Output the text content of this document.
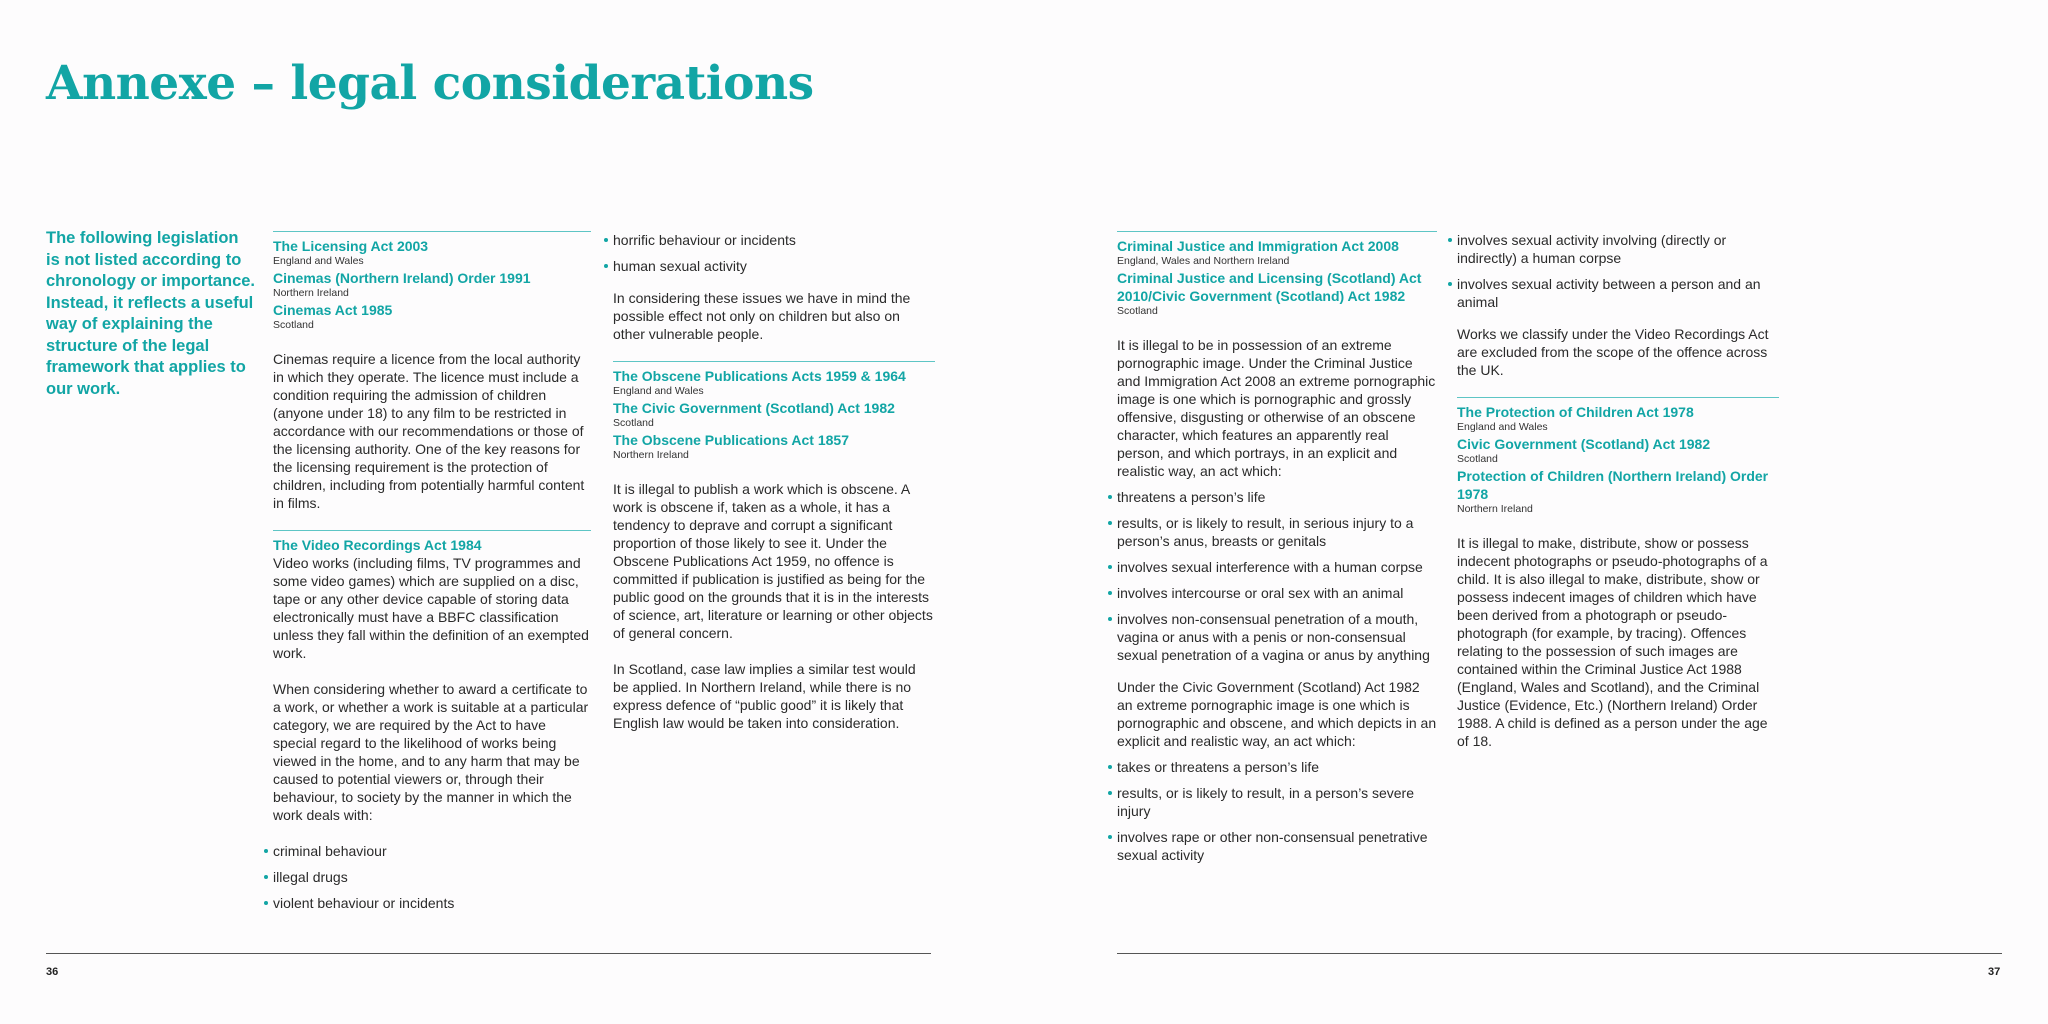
Annexe – legal considerations

The following legislation is not listed according to chronology or importance. Instead, it reflects a useful way of explaining the structure of the legal framework that applies to our work.

The Licensing Act 2003
England and Wales
Cinemas (Northern Ireland) Order 1991
Northern Ireland
Cinemas Act 1985
Scotland

Cinemas require a licence from the local authority in which they operate. The licence must include a condition requiring the admission of children (anyone under 18) to any film to be restricted in accordance with our recommendations or those of the licensing authority. One of the key reasons for the licensing requirement is the protection of children, including from potentially harmful content in films.

The Video Recordings Act 1984

Video works (including films, TV programmes and some video games) which are supplied on a disc, tape or any other device capable of storing data electronically must have a BBFC classification unless they fall within the definition of an exempted work.

When considering whether to award a certificate to a work, or whether a work is suitable at a particular category, we are required by the Act to have special regard to the likelihood of works being viewed in the home, and to any harm that may be caused to potential viewers or, through their behaviour, to society by the manner in which the work deals with:

criminal behaviour
illegal drugs
violent behaviour or incidents
horrific behaviour or incidents
human sexual activity

In considering these issues we have in mind the possible effect not only on children but also on other vulnerable people.

The Obscene Publications Acts 1959 & 1964
England and Wales
The Civic Government (Scotland) Act 1982
Scotland
The Obscene Publications Act 1857
Northern Ireland

It is illegal to publish a work which is obscene. A work is obscene if, taken as a whole, it has a tendency to deprave and corrupt a significant proportion of those likely to see it. Under the Obscene Publications Act 1959, no offence is committed if publication is justified as being for the public good on the grounds that it is in the interests of science, art, literature or learning or other objects of general concern.

In Scotland, case law implies a similar test would be applied. In Northern Ireland, while there is no express defence of “public good” it is likely that English law would be taken into consideration.

Criminal Justice and Immigration Act 2008
England, Wales and Northern Ireland
Criminal Justice and Licensing (Scotland) Act 2010/Civic Government (Scotland) Act 1982
Scotland

It is illegal to be in possession of an extreme pornographic image. Under the Criminal Justice and Immigration Act 2008 an extreme pornographic image is one which is pornographic and grossly offensive, disgusting or otherwise of an obscene character, which features an apparently real person, and which portrays, in an explicit and realistic way, an act which:

threatens a person’s life
results, or is likely to result, in serious injury to a person’s anus, breasts or genitals
involves sexual interference with a human corpse
involves intercourse or oral sex with an animal
involves non-consensual penetration of a mouth, vagina or anus with a penis or non-consensual sexual penetration of a vagina or anus by anything

Under the Civic Government (Scotland) Act 1982 an extreme pornographic image is one which is pornographic and obscene, and which depicts in an explicit and realistic way, an act which:

takes or threatens a person’s life
results, or is likely to result, in a person’s severe injury
involves rape or other non-consensual penetrative sexual activity
involves sexual activity involving (directly or indirectly) a human corpse
involves sexual activity between a person and an animal

Works we classify under the Video Recordings Act are excluded from the scope of the offence across the UK.

The Protection of Children Act 1978
England and Wales
Civic Government (Scotland) Act 1982
Scotland
Protection of Children (Northern Ireland) Order 1978
Northern Ireland

It is illegal to make, distribute, show or possess indecent photographs or pseudo-photographs of a child. It is also illegal to make, distribute, show or possess indecent images of children which have been derived from a photograph or pseudo-photograph (for example, by tracing). Offences relating to the possession of such images are contained within the Criminal Justice Act 1988 (England, Wales and Scotland), and the Criminal Justice (Evidence, Etc.) (Northern Ireland) Order 1988. A child is defined as a person under the age of 18.

36	37
